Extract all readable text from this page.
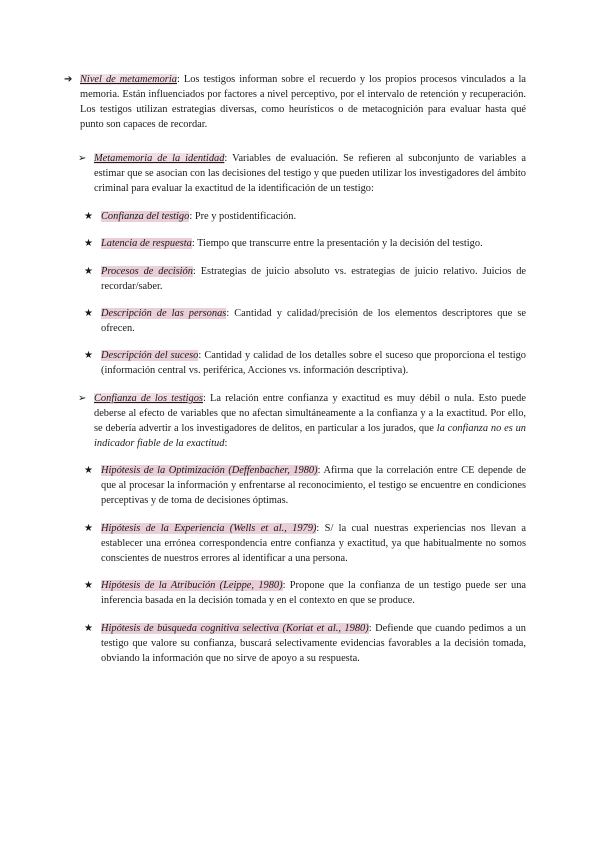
➔ Nivel de metamemoria: Los testigos informan sobre el recuerdo y los propios procesos vinculados a la memoria. Están influenciados por factores a nivel perceptivo, por el intervalo de retención y recuperación. Los testigos utilizan estrategias diversas, como heurísticos o de metacognición para evaluar hasta qué punto son capaces de recordar.

➢ Metamemoria de la identidad: Variables de evaluación. Se refieren al subconjunto de variables a estimar que se asocian con las decisiones del testigo y que pueden utilizar los investigadores del ámbito criminal para evaluar la exactitud de la identificación de un testigo:

★ Confianza del testigo: Pre y postidentificación.

★ Latencia de respuesta: Tiempo que transcurre entre la presentación y la decisión del testigo.

★ Procesos de decisión: Estrategias de juicio absoluto vs. estrategias de juicio relativo. Juicios de recordar/saber.

★ Descripción de las personas: Cantidad y calidad/precisión de los elementos descriptores que se ofrecen.

★ Descripción del suceso: Cantidad y calidad de los detalles sobre el suceso que proporciona el testigo (información central vs. periférica, Acciones vs. información descriptiva).

➢ Confianza de los testigos: La relación entre confianza y exactitud es muy débil o nula. Esto puede deberse al efecto de variables que no afectan simultáneamente a la confianza y a la exactitud. Por ello, se debería advertir a los investigadores de delitos, en particular a los jurados, que la confianza no es un indicador fiable de la exactitud:

★ Hipótesis de la Optimización (Deffenbacher, 1980): Afirma que la correlación entre CE depende de que al procesar la información y enfrentarse al reconocimiento, el testigo se encuentre en condiciones perceptivas y de toma de decisiones óptimas.

★ Hipótesis de la Experiencia (Wells et al., 1979): S/ la cual nuestras experiencias nos llevan a establecer una errónea correspondencia entre confianza y exactitud, ya que habitualmente no somos conscientes de nuestros errores al identificar a una persona.

★ Hipótesis de la Atribución (Leippe, 1980): Propone que la confianza de un testigo puede ser una inferencia basada en la decisión tomada y en el contexto en que se produce.

★ Hipótesis de búsqueda cognitiva selectiva (Koriat et al., 1980): Defiende que cuando pedimos a un testigo que valore su confianza, buscará selectivamente evidencias favorables a la decisión tomada, obviando la información que no sirve de apoyo a su respuesta.
